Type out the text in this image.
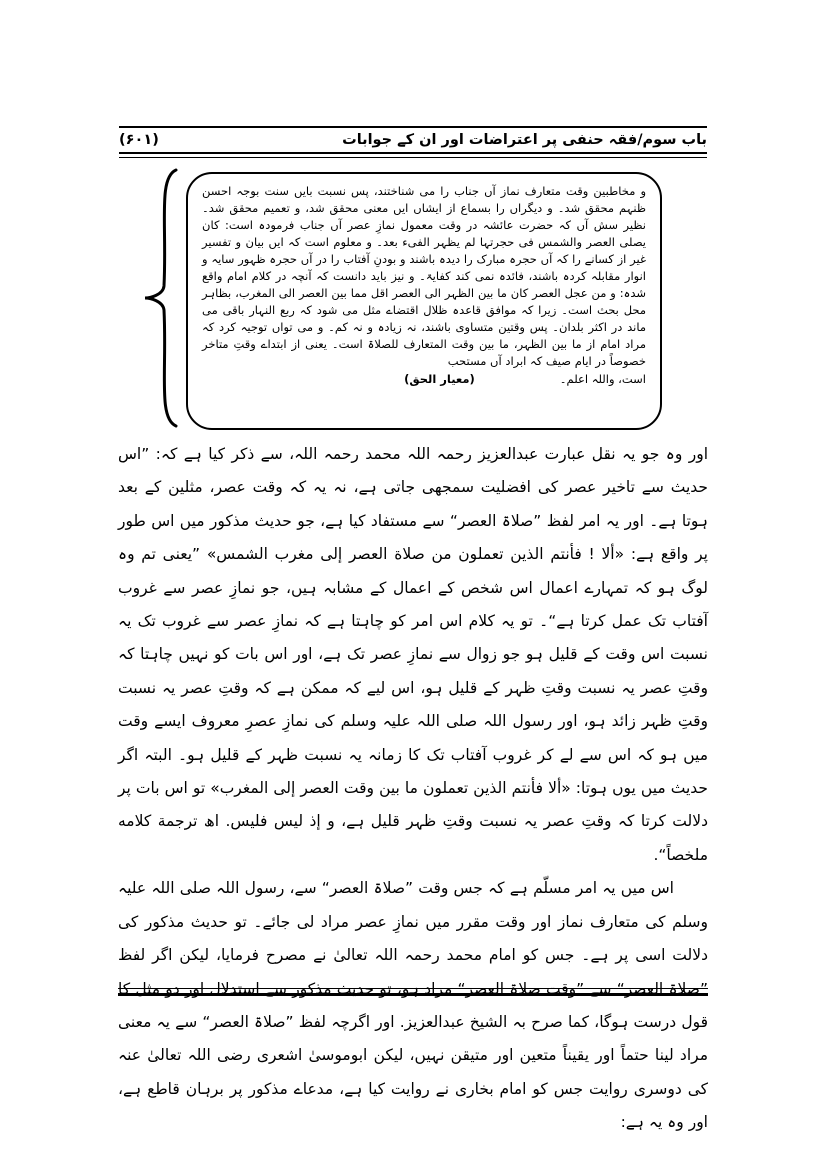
باب سوم/فقہ حنفی پر اعتراضات اور ان کے جوابات
(۶۰۱)
و مخاطبین وقت متعارف نماز آں جناب را می شناختند، پس نسبت بایں سنت بوجہ احسن ظنہم محقق شد۔ و دیگراں را بسماع از ایشاں ایں معنی محقق شد، و تعمیم محقق شد۔ نظیر سش آں کہ حضرت عائشہ در وقت معمول نمازِ عصر آں جناب فرمودہ است: کان یصلی العصر والشمس فی حجرتہا لم یظہر الفیء بعد۔ و معلوم است کہ ایں بیان و تفسیر غیر از کسانے را کہ آں حجرہ مبارک را دیدہ باشند و بودنِ آفتاب را در آں حجرہ ظہور سایہ و انوار مقابلہ کردہ باشند، فائدہ نمی کند کفایۃ۔ و نیز باید دانست کہ آنچہ در کلام امام واقع شدہ: و من عجل العصر کان ما بین الظہر الی العصر اقل مما بین العصر الی المغرب، بظاہر محل بحث است۔ زیرا کہ موافق قاعدہ ظلال اقتضاے مثل می شود کہ ربع النہار باقی می ماند در اکثر بلدان۔ پس وقتین متساوی باشند، نہ زیادہ و نہ کم۔ و می تواں توجیہ کرد کہ مراد امام از ما بین الظہر، ما بین وقت المتعارف للصلاۃ است۔ یعنی از ابتداے وقتِ متاخر خصوصاً در ایام صیف کہ ابراد آں مستحب
است، واللہ اعلم۔
(معیار الحق)

اور وہ جو یہ نقل عبارت عبدالعزیز رحمہ اللہ محمد رحمہ اللہ، سے ذکر کیا ہے کہ: ”اس حدیث سے تاخیر عصر کی افضلیت سمجھی جاتی ہے، نہ یہ کہ وقت عصر، مثلین کے بعد ہوتا ہے۔ اور یہ امر لفظ ”صلاۃ العصر“ سے مستفاد کیا ہے، جو حدیث مذکور میں اس طور پر واقع ہے: «ألا ! فأنتم الذين تعملون من صلاة العصر إلى مغرب الشمس» ”یعنی تم وہ لوگ ہو کہ تمہارے اعمال اس شخص کے اعمال کے مشابہ ہیں، جو نمازِ عصر سے غروب آفتاب تک عمل کرتا ہے“۔ تو یہ کلام اس امر کو چاہتا ہے کہ نمازِ عصر سے غروب تک یہ نسبت اس وقت کے قلیل ہو جو زوال سے نمازِ عصر تک ہے، اور اس بات کو نہیں چاہتا کہ وقتِ عصر یہ نسبت وقتِ ظہر کے قلیل ہو، اس لیے کہ ممکن ہے کہ وقتِ عصر یہ نسبت وقتِ ظہر زائد ہو، اور رسول اللہ صلی اللہ علیہ وسلم کی نمازِ عصرِ معروف ایسے وقت میں ہو کہ اس سے لے کر غروب آفتاب تک کا زمانہ یہ نسبت ظہر کے قلیل ہو۔ البتہ اگر حدیث میں یوں ہوتا: «ألا فأنتم الذين تعملون ما بين وقت العصر إلى المغرب» تو اس بات پر دلالت کرتا کہ وقتِ عصر یہ نسبت وقتِ ظہر قلیل ہے، و إذ ليس فليس. اھ ترجمة كلامه ملخصاً“.

اس میں یہ امر مسلّم ہے کہ جس وقت ”صلاۃ العصر“ سے، رسول اللہ صلی اللہ علیہ وسلم کی متعارف نماز اور وقت مقرر میں نمازِ عصر مراد لی جائے۔ تو حدیث مذکور کی دلالت اسی پر ہے۔ جس کو امام محمد رحمہ اللہ تعالیٰ نے مصرح فرمایا، لیکن اگر لفظ ”صلاۃ العصر“ سے ”وقت صلاۃ العصر“ مراد ہو، تو حدیث مذکور سے استدلال اور دو مثل کا قول درست ہوگا، کما صرح بہ الشیخ عبدالعزیز. اور اگرچہ لفظ ”صلاۃ العصر“ سے یہ معنی مراد لینا حتماً اور یقیناً متعین اور متیقن نہیں، لیکن ابوموسیٰ اشعری رضی اللہ تعالیٰ عنہ کی دوسری روایت جس کو امام بخاری نے روایت کیا ہے، مدعاے مذکور پر برہان قاطع ہے، اور وہ یہ ہے:
